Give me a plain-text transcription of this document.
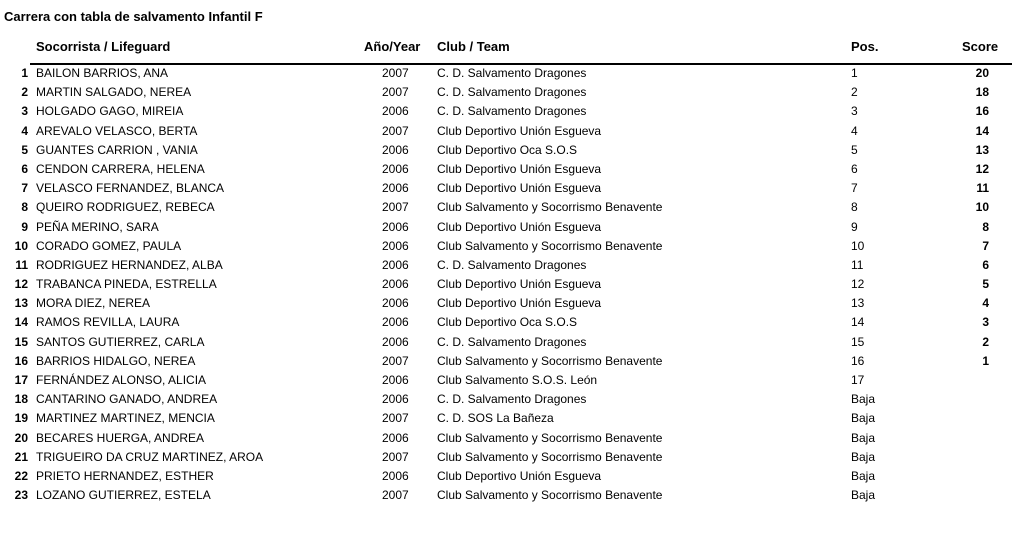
Carrera con tabla de salvamento Infantil F
Socorrista / Lifeguard	Año/Year Club / Team	Pos.	Score
1 BAILON BARRIOS, ANA	2007 C. D. Salvamento Dragones	1	20
2 MARTIN SALGADO, NEREA	2007 C. D. Salvamento Dragones	2	18
3 HOLGADO GAGO, MIREIA	2006 C. D. Salvamento Dragones	3	16
4 AREVALO VELASCO, BERTA	2007 Club Deportivo Unión Esgueva	4	14
5 GUANTES CARRION , VANIA	2006 Club Deportivo Oca S.O.S	5	13
6 CENDON CARRERA, HELENA	2006 Club Deportivo Unión Esgueva	6	12
7 VELASCO FERNANDEZ, BLANCA	2006 Club Deportivo Unión Esgueva	7	11
8 QUEIRO RODRIGUEZ, REBECA	2007 Club Salvamento y Socorrismo Benavente	8	10
9 PEÑA MERINO, SARA	2006 Club Deportivo Unión Esgueva	9	8
10 CORADO GOMEZ, PAULA	2006 Club Salvamento y Socorrismo Benavente	10	7
11 RODRIGUEZ HERNANDEZ, ALBA	2006 C. D. Salvamento Dragones	11	6
12 TRABANCA PINEDA, ESTRELLA	2006 Club Deportivo Unión Esgueva	12	5
13 MORA DIEZ, NEREA	2006 Club Deportivo Unión Esgueva	13	4
14 RAMOS REVILLA, LAURA	2006 Club Deportivo Oca S.O.S	14	3
15 SANTOS GUTIERREZ, CARLA	2006 C. D. Salvamento Dragones	15	2
16 BARRIOS HIDALGO, NEREA	2007 Club Salvamento y Socorrismo Benavente	16	1
17 FERNÁNDEZ ALONSO, ALICIA	2006 Club Salvamento S.O.S. León	17
18 CANTARINO GANADO, ANDREA	2006 C. D. Salvamento Dragones	Baja
19 MARTINEZ MARTINEZ, MENCIA	2007 C. D. SOS La Bañeza	Baja
20 BECARES HUERGA, ANDREA	2006 Club Salvamento y Socorrismo Benavente	Baja
21 TRIGUEIRO DA CRUZ MARTINEZ, AROA	2007 Club Salvamento y Socorrismo Benavente	Baja
22 PRIETO HERNANDEZ, ESTHER	2006 Club Deportivo Unión Esgueva	Baja
23 LOZANO GUTIERREZ, ESTELA	2007 Club Salvamento y Socorrismo Benavente	Baja
